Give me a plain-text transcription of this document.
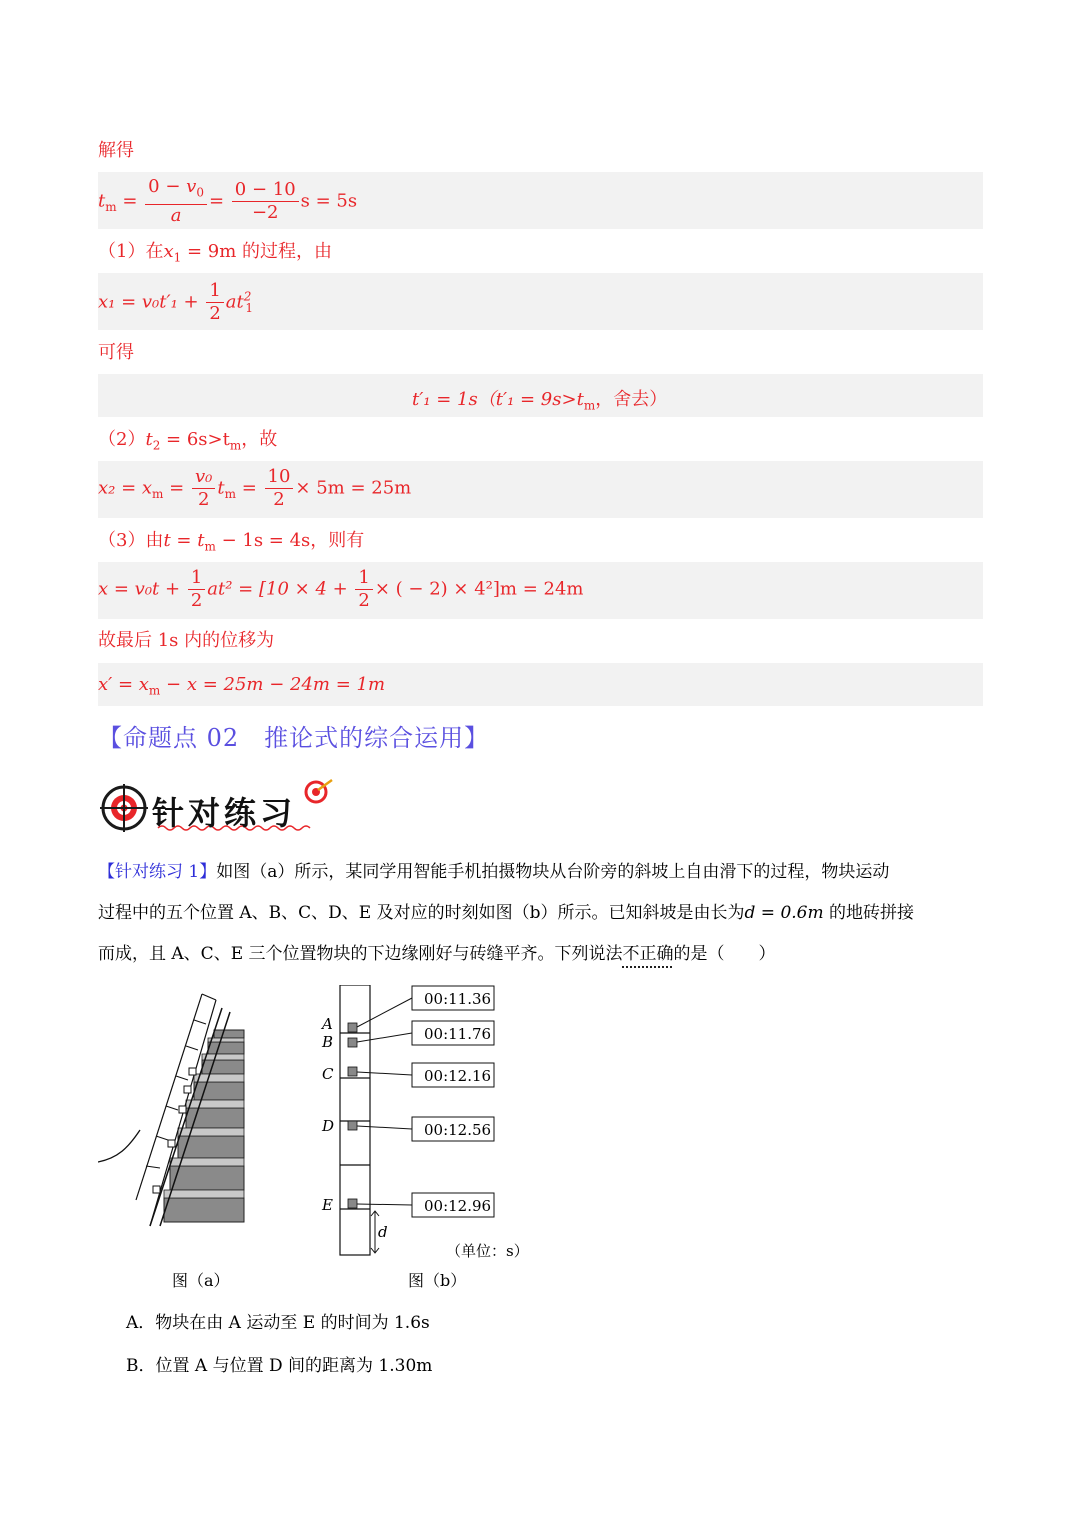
解得
$t_m = \frac{0 - v_0}{a} = \frac{0 - 10}{-2}$ s = 5s
（1）在$x_1 = 9m$ 的过程，由
$x_1 = v_0t'_1 + \frac{1}{2} at^2_1$
可得
$t'_1 = 1s(t'_1 = 9s>t_m$，舍去）
$(2)t_2 = 6s>t_m$，故
$x_2 = x_m = \frac{\text{v₀}}{2} t_m = \frac{10}{2} \times 5m = 25m$
（3）由$t = t_m - 1s = 4s$，则有
$x = v_0t + \frac{1}{2} at^2 = [10 \times 4 + \frac{1}{2}$ × ( − 2) × 4²]m = 24m
故最后 1s 内的位移为
$x' = x_m - x = 25m - 24m = 1m$
【命题点 02　推论式的综合运用】
针对练习
【针对练习 1】如图（a）所示，某同学用智能手机拍摄物块从台阶旁的斜坡上自由滑下的过程，物块运动
过程中的五个位置 A、B、C、D、E 及对应的时刻如图（b）所示。已知斜坡是由长为d = 0.6m 的地砖拼接
而成，且 A、C、E 三个位置物块的下边缘刚好与砖缝平齐。下列说法不正确的是（　　）
图（a）
A
B
C
D
E
00:11.36
00:11.76
00:12.16
00:12.56
00:12.96
d
（单位：s）
图（b）
A．物块在由 A 运动至 E 的时间为 1.6s
B．位置 A 与位置 D 间的距离为 1.30m
